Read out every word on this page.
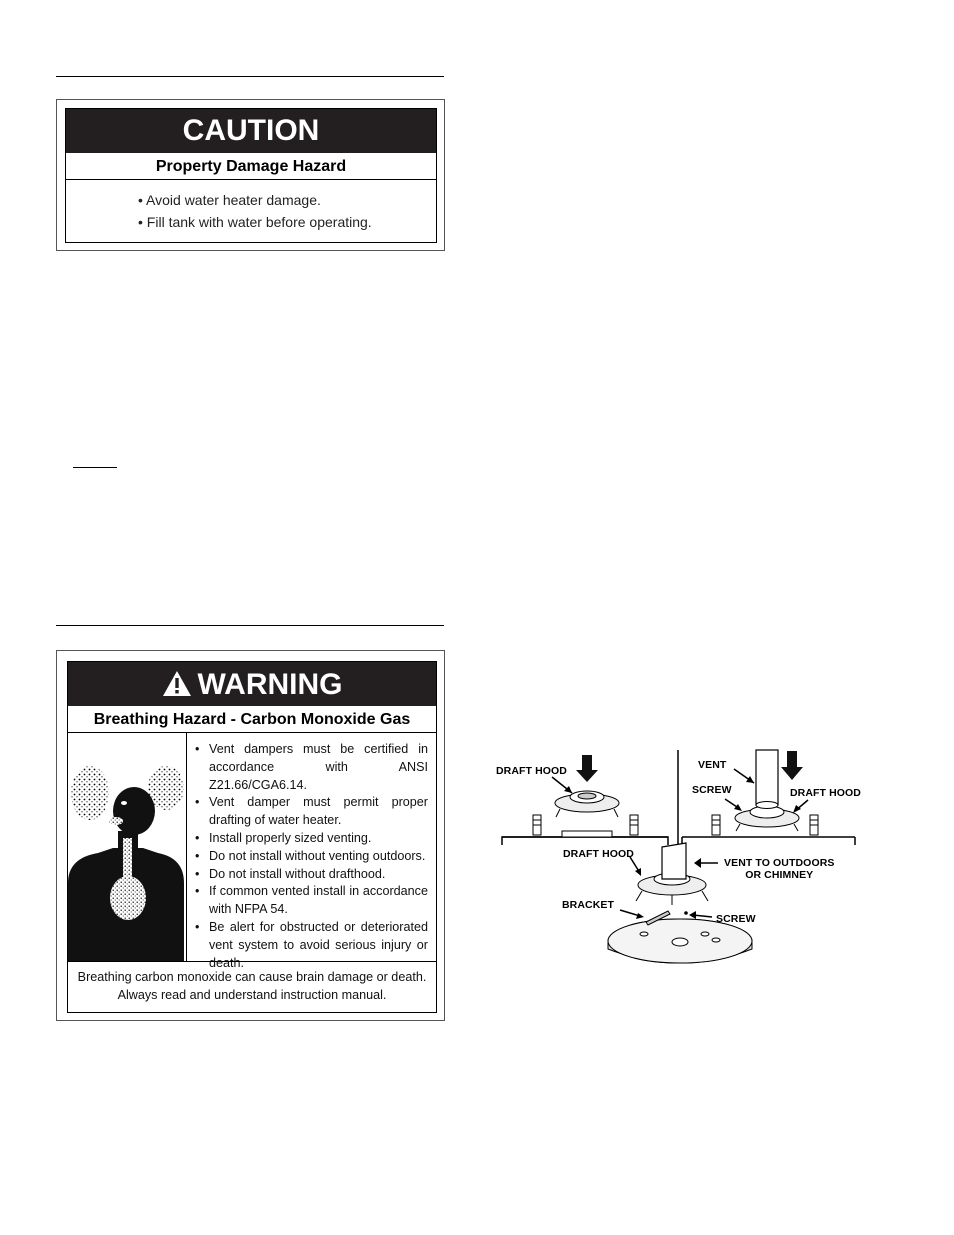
CAUTION
Property Damage Hazard
• Avoid water heater damage.
• Fill tank with water before operating.
WARNING
Breathing Hazard - Carbon Monoxide Gas
• Vent dampers must be certified in accordance with ANSI Z21.66/CGA6.14.
• Vent damper must permit proper drafting of water heater.
• Install properly sized venting.
• Do not install without venting outdoors.
• Do not install without drafthood.
• If common vented install in accordance with NFPA 54.
• Be alert for obstructed or deteriorated vent system to avoid serious injury or death.
Breathing carbon monoxide can cause brain damage or death.
Always read and understand instruction manual.
DRAFT HOOD	VENT
SCREW	DRAFT HOOD
DRAFT HOOD
VENT TO OUTDOORS
OR CHIMNEY
BRACKET
SCREW
